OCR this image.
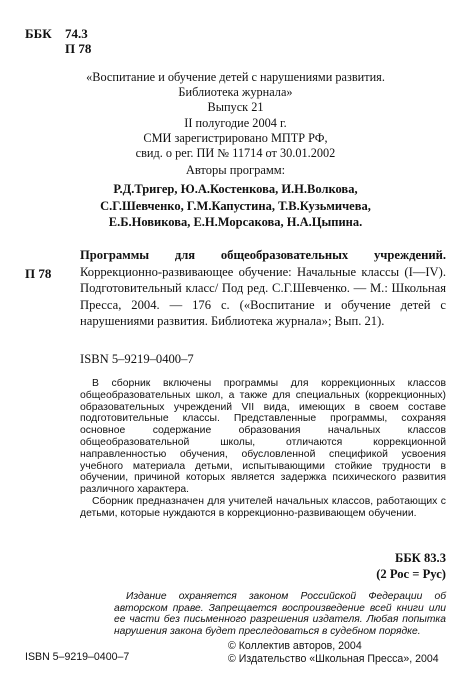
ББК 74.3
П 78
«Воспитание и обучение детей с нарушениями развития.
Библиотека журнала»
Выпуск 21
II полугодие 2004 г.
СМИ зарегистрировано МПТР РФ,
свид. о рег. ПИ № 11714 от 30.01.2002
Авторы программ:
Р.Д.Тригер, Ю.А.Костенкова, И.Н.Волкова,
С.Г.Шевченко, Г.М.Капустина, Т.В.Кузьмичева,
Е.Б.Новикова, Е.Н.Морсакова, Н.А.Цыпина.
П 78
Программы для общеобразовательных учреждений. Коррекционно-развивающее обучение: Начальные классы (I—IV). Подготовительный класс/ Под ред. С.Г.Шевченко. — М.: Школьная Пресса, 2004. — 176 с. («Воспитание и обучение детей с нарушениями развития. Библиотека журнала»; Вып. 21).
ISBN 5–9219–0400–7

В сборник включены программы для коррекционных классов общеобразовательных школ, а также для специальных (коррекционных) образовательных учреждений VII вида, имеющих в своем составе подготовительные классы. Представленные программы, сохраняя основное содержание образования начальных классов общеобразовательной школы, отличаются коррекционной направленностью обучения, обусловленной спецификой усвоения учебного материала детьми, испытывающими стойкие трудности в обучении, причиной которых является задержка психического развития различного характера.

Сборник предназначен для учителей начальных классов, работающих с детьми, которые нуждаются в коррекционно-развивающем обучении.

ББК 83.3
(2 Рос = Рус)

Издание охраняется законом Российской Федерации об авторском праве. Запрещается воспроизведение всей книги или ее части без письменного разрешения издателя. Любая попытка нарушения закона будет преследоваться в судебном порядке.

ISBN 5–9219–0400–7
© Коллектив авторов, 2004
© Издательство «Школьная Пресса», 2004
